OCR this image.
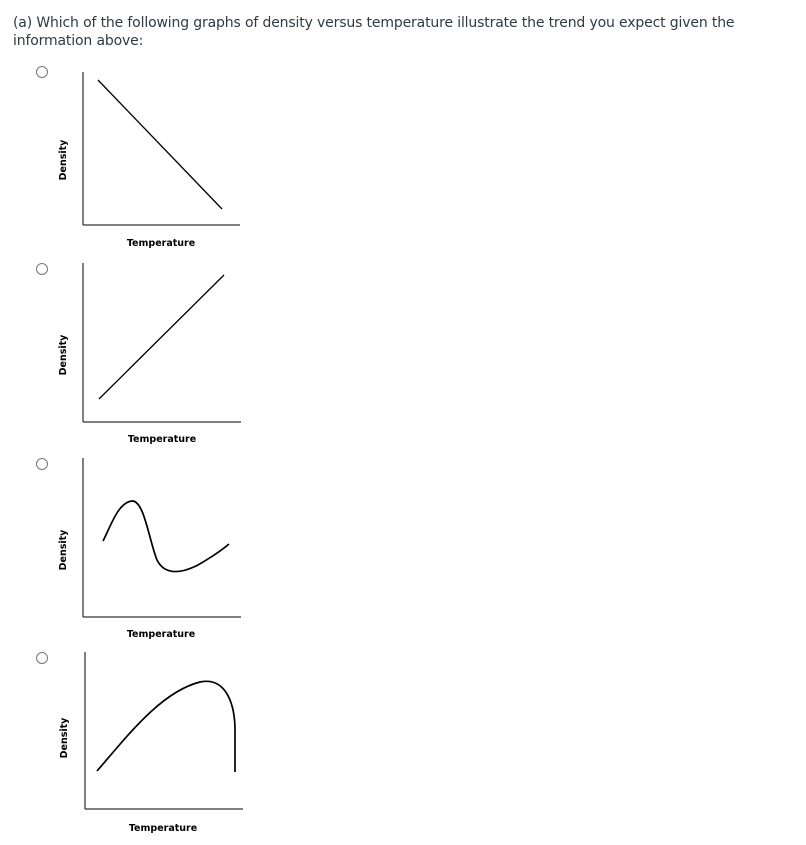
(a) Which of the following graphs of density versus temperature illustrate the trend you expect given the information above:

Density
Temperature
Density
Temperature
Density
Temperature
Density
Temperature
